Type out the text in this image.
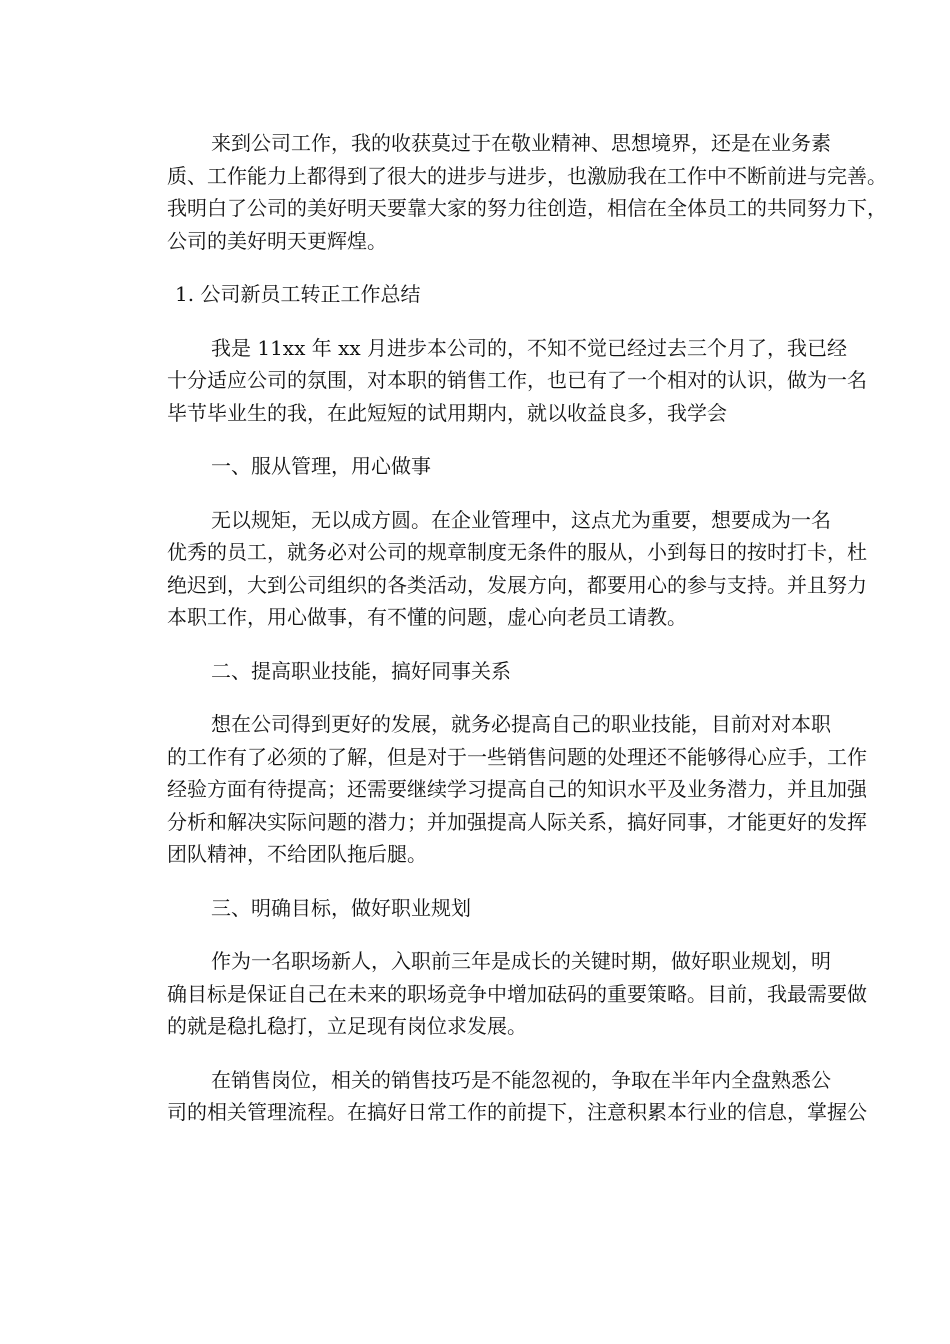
来到公司工作，我的收获莫过于在敬业精神、思想境界，还是在业务素
质、工作能力上都得到了很大的进步与进步，也激励我在工作中不断前进与完善。
我明白了公司的美好明天要靠大家的努力往创造，相信在全体员工的共同努力下，
公司的美好明天更辉煌。
1. 公司新员工转正工作总结
我是 11xx 年 xx 月进步本公司的，不知不觉已经过去三个月了，我已经
十分适应公司的氛围，对本职的销售工作，也已有了一个相对的认识，做为一名
毕节毕业生的我，在此短短的试用期内，就以收益良多，我学会
一、服从管理，用心做事
无以规矩，无以成方圆。在企业管理中，这点尤为重要，想要成为一名
优秀的员工，就务必对公司的规章制度无条件的服从，小到每日的按时打卡，杜
绝迟到，大到公司组织的各类活动，发展方向，都要用心的参与支持。并且努力
本职工作，用心做事，有不懂的问题，虚心向老员工请教。
二、提高职业技能，搞好同事关系
想在公司得到更好的发展，就务必提高自己的职业技能，目前对对本职
的工作有了必须的了解，但是对于一些销售问题的处理还不能够得心应手，工作
经验方面有待提高；还需要继续学习提高自己的知识水平及业务潜力，并且加强
分析和解决实际问题的潜力；并加强提高人际关系，搞好同事，才能更好的发挥
团队精神，不给团队拖后腿。
三、明确目标，做好职业规划
作为一名职场新人，入职前三年是成长的关键时期，做好职业规划，明
确目标是保证自己在未来的职场竞争中增加砝码的重要策略。目前，我最需要做
的就是稳扎稳打，立足现有岗位求发展。
在销售岗位，相关的销售技巧是不能忽视的，争取在半年内全盘熟悉公
司的相关管理流程。在搞好日常工作的前提下，注意积累本行业的信息，掌握公
